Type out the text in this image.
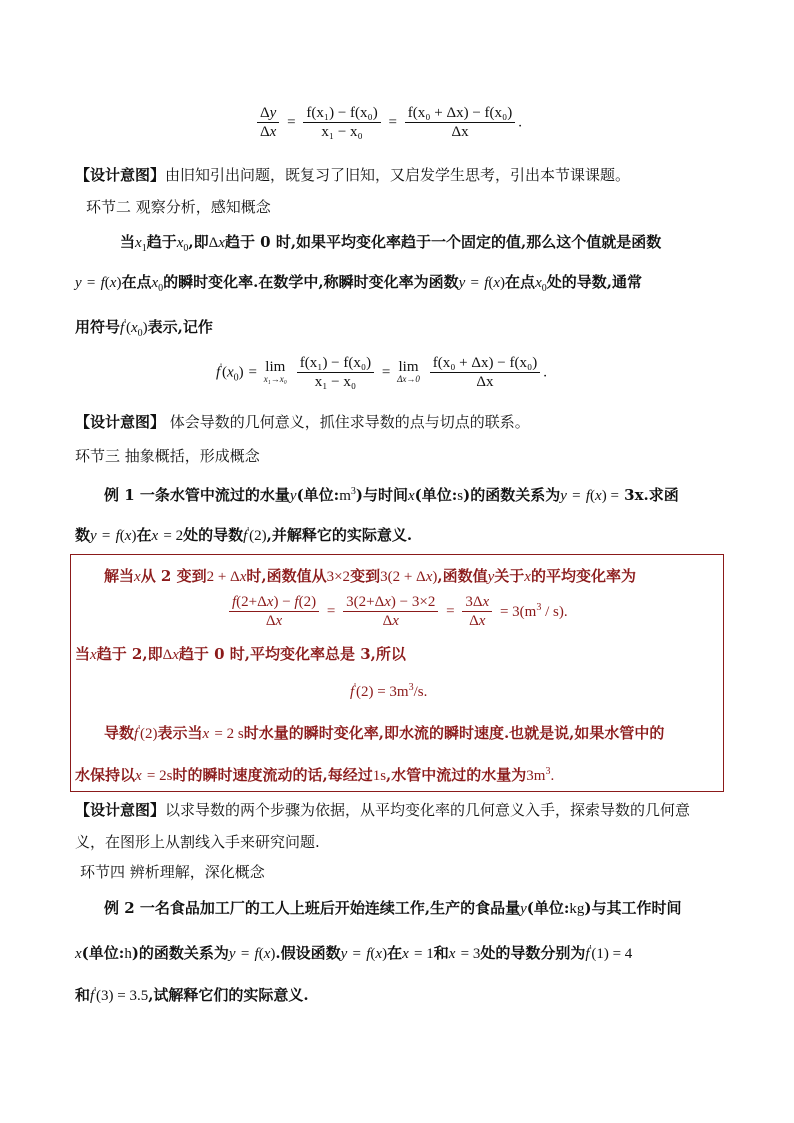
$\frac{\Delta y}{\Delta x} = \frac{\text{f(x₁) − f(x₀)}}{\text{x₁ − x₀}} = \frac{\text{f(x₀ + Δx) − f(x₀)}}{\Delta x}$ .
【设计意图】由旧知引出问题，既复习了旧知，又启发学生思考，引出本节课课题。
环节二 观察分析，感知概念
当$x_1$趋于$x_0$,即Δx趋于 0 时,如果平均变化率趋于一个固定的值,那么这个值就是函数
y = f(x)在点$x_0$的瞬时变化率.在数学中,称瞬时变化率为函数y = f(x)在点$x_0$处的导数,通常
用符号$f'(x_0)$表示,记作
$f'(x_0) = \lim$
x₁→x₀
$\frac{\text{f(x₁) − f(x₀)}}{\text{x₁ − x₀}} = \lim$
Δx→0
$\frac{\text{f(x₀ + Δx) − f(x₀)}}{\Delta x}$ .
【设计意图】 体会导数的几何意义，抓住求导数的点与切点的联系。
环节三 抽象概括，形成概念
例 1 一条水管中流过的水量y(单位$:m^3$)与时间x(单位:s)的函数关系为y = f(x) = 3x.求函
数y = f(x)在x = 2处的导数f'(2),并解释它的实际意义.
解当x从 2 变到2 + Δx时,函数值从3×2变到3(2 + Δx),函数值y关于x的平均变化率为
$\frac{f(2+\Delta x) - f(2)}{\Delta x} = \frac{3(2+\Delta x) - 3\times 2}{\Delta x} = \frac{3\Delta x}{\Delta x} = 3(m^3 / s)$.
当x趋于 2,即Δx趋于 0 时,平均变化率总是 3,所以
$f'(2) = 3m^3/s$.
导数f'(2)表示当x = 2 s时水量的瞬时变化率,即水流的瞬时速度.也就是说,如果水管中的
水保持以x = 2s时的瞬时速度流动的话,每经过1s,水管中流过的水量为$3m^3$.
【设计意图】以求导数的两个步骤为依据，从平均变化率的几何意义入手，探索导数的几何意
义，在图形上从割线入手来研究问题.
环节四 辨析理解，深化概念
例 2 一名食品加工厂的工人上班后开始连续工作,生产的食品量y(单位:kg)与其工作时间
x(单位:h)的函数关系为y = f(x).假设函数y = f(x)在x = 1和x = 3处的导数分别为f'(1) = 4
和f'(3) = 3.5,试解释它们的实际意义.
